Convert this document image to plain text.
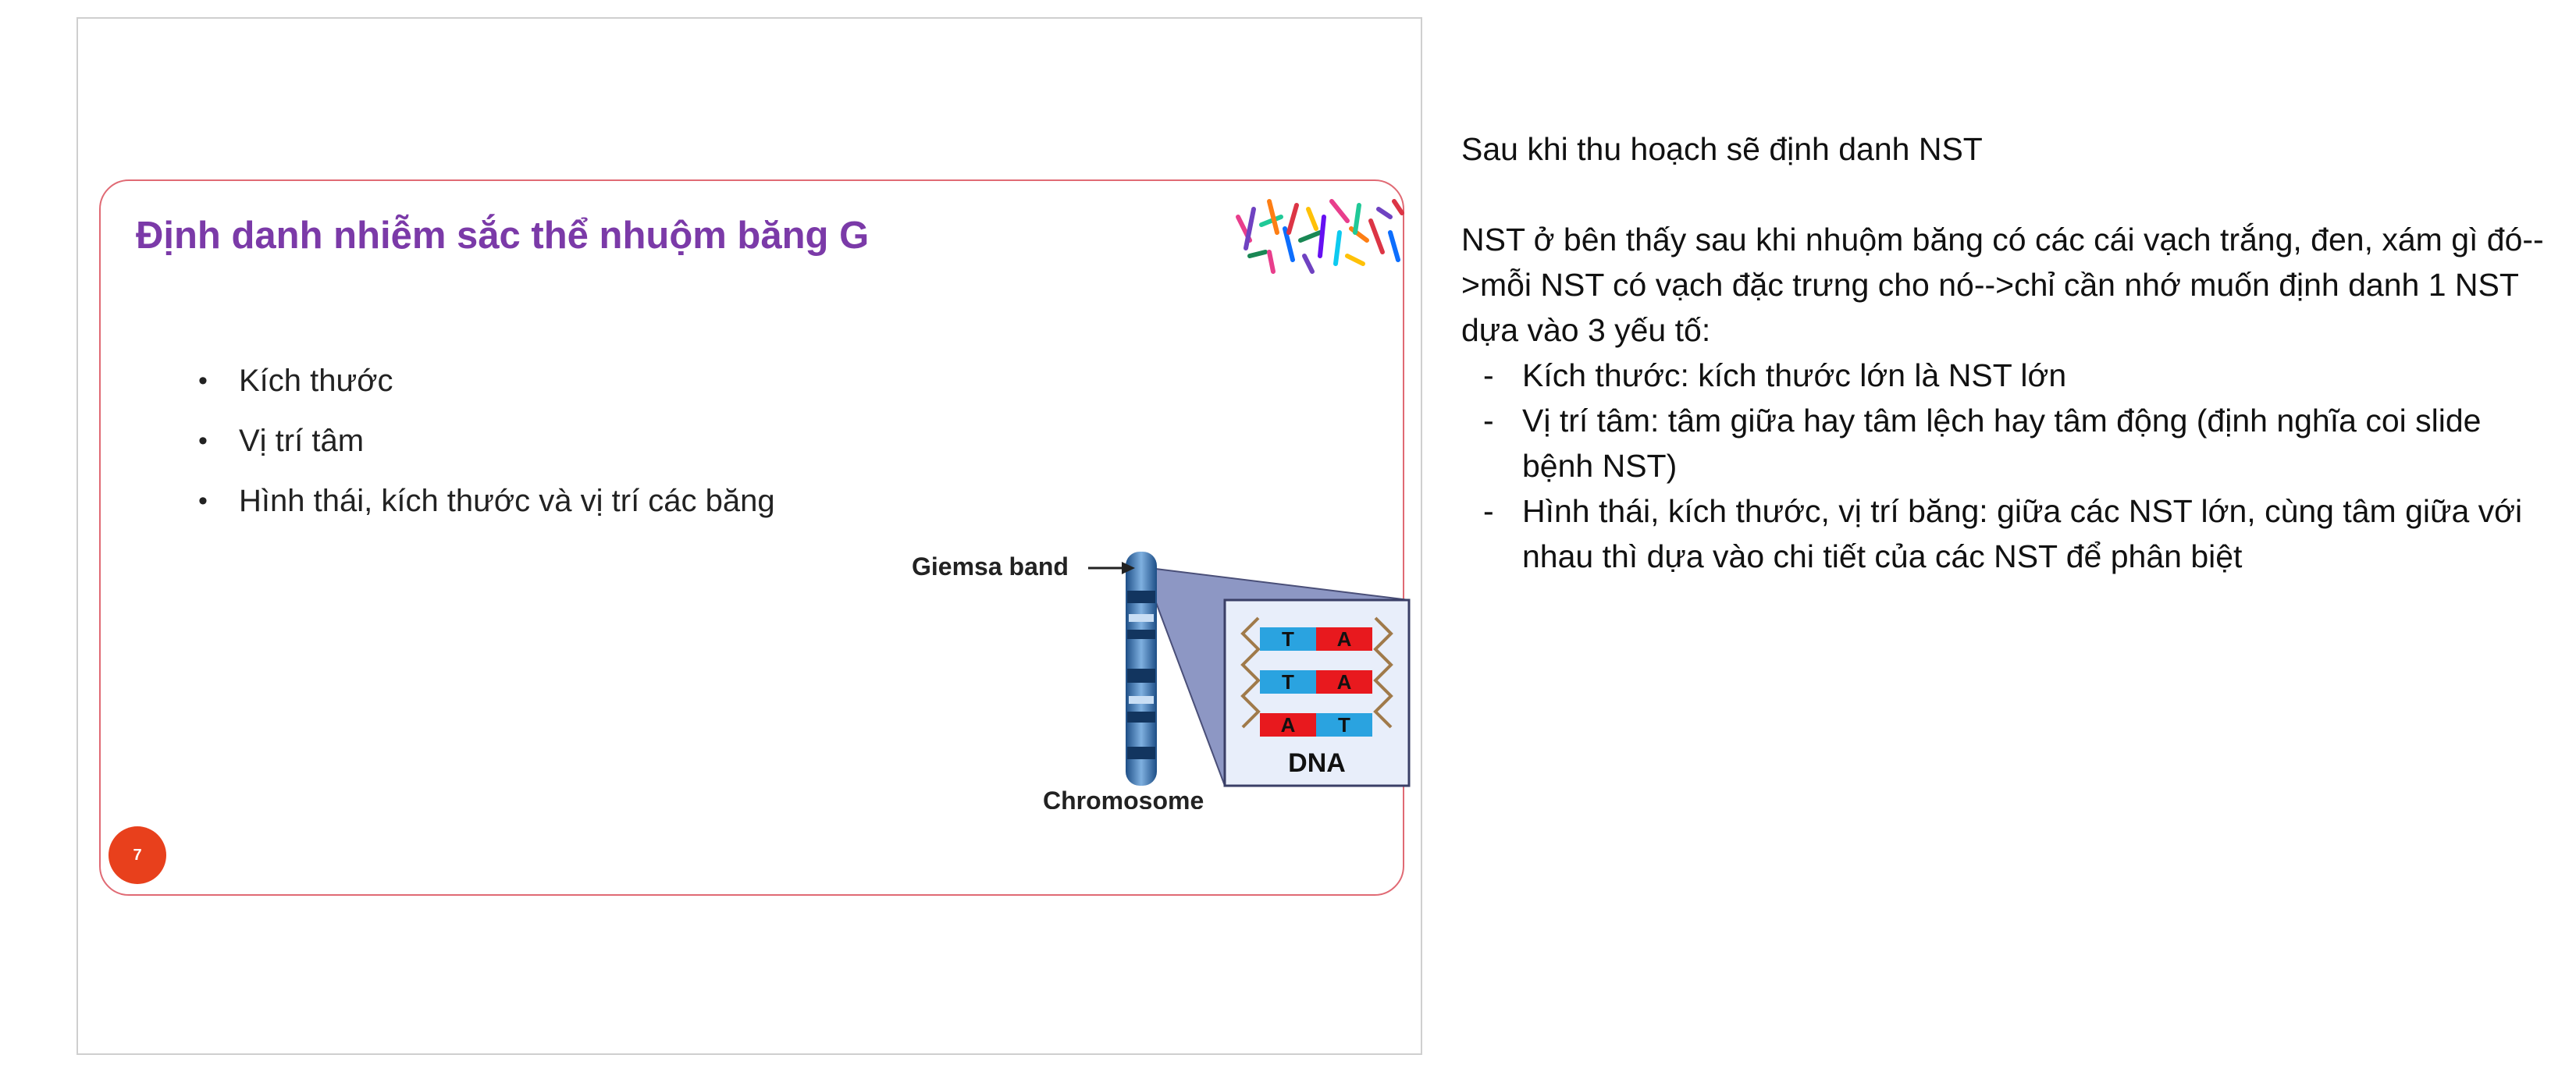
Định danh nhiễm sắc thể nhuộm băng G
• Kích thước
• Vị trí tâm
• Hình thái, kích thước và vị trí các băng
Giemsa band
T A
T A
A T
DNA
Chromosome
7

Sau khi thu hoạch sẽ định danh NST

NST ở bên thấy sau khi nhuộm băng có các cái vạch trắng, đen, xám gì đó-->mỗi NST có vạch đặc trưng cho nó-->chỉ cần nhớ muốn định danh 1 NST dựa vào 3 yếu tố:

- Kích thước: kích thước lớn là NST lớn
- Vị trí tâm: tâm giữa hay tâm lệch hay tâm động (định nghĩa coi slide bệnh NST)
- Hình thái, kích thước, vị trí băng: giữa các NST lớn, cùng tâm giữa với nhau thì dựa vào chi tiết của các NST để phân biệt
